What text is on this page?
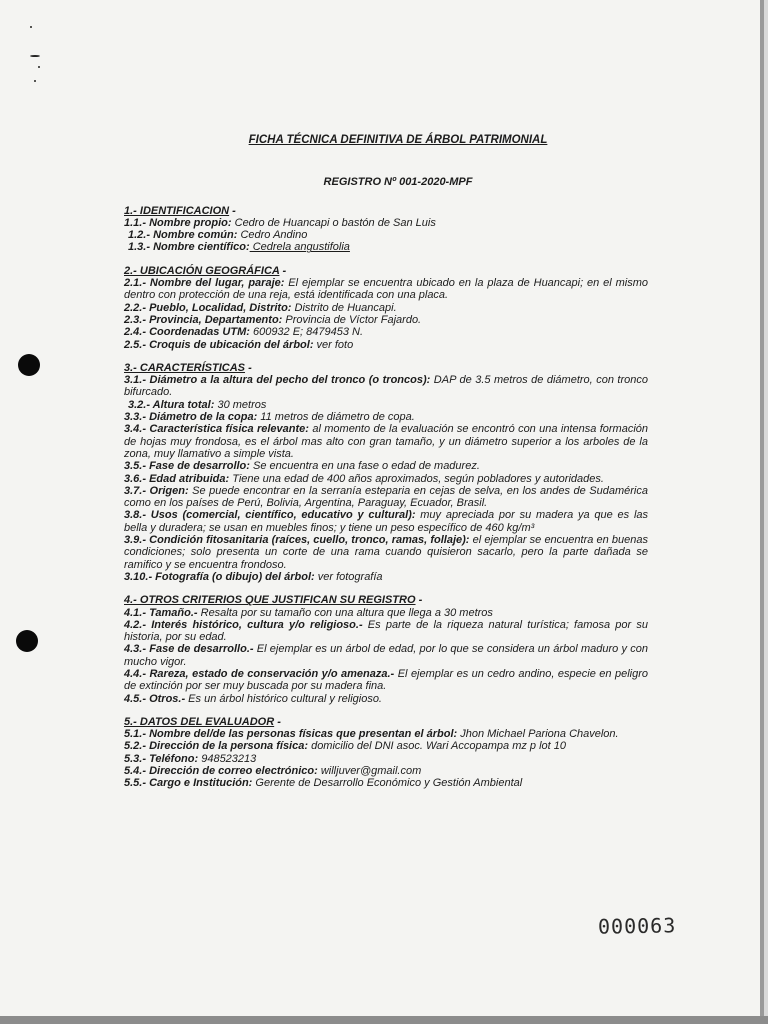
FICHA TÉCNICA DEFINITIVA DE ÁRBOL PATRIMONIAL
REGISTRO Nº 001-2020-MPF
1.- IDENTIFICACION -
1.1.- Nombre propio: Cedro de Huancapi o bastón de San Luis
1.2.- Nombre común: Cedro Andino
1.3.- Nombre científico: Cedrela angustifolia
2.- UBICACIÓN GEOGRÁFICA -
2.1.- Nombre del lugar, paraje: El ejemplar se encuentra ubicado en la plaza de Huancapi; en el mismo dentro con protección de una reja, está identificada con una placa.
2.2.- Pueblo, Localidad, Distrito: Distrito de Huancapi.
2.3.- Provincia, Departamento: Provincia de Víctor Fajardo.
2.4.- Coordenadas UTM: 600932 E; 8479453 N.
2.5.- Croquis de ubicación del árbol: ver foto
3.- CARACTERÍSTICAS -
3.1.- Diámetro a la altura del pecho del tronco (o troncos): DAP de 3.5 metros de diámetro, con tronco bifurcado.
3.2.- Altura total: 30 metros
3.3.- Diámetro de la copa: 11 metros de diámetro de copa.
3.4.- Característica física relevante: al momento de la evaluación se encontró con una intensa formación de hojas muy frondosa, es el árbol mas alto con gran tamaño, y un diámetro superior a los arboles de la zona, muy llamativo a simple vista.
3.5.- Fase de desarrollo: Se encuentra en una fase o edad de madurez.
3.6.- Edad atribuida: Tiene una edad de 400 años aproximados, según pobladores y autoridades.
3.7.- Origen: Se puede encontrar en la serranía esteparia en cejas de selva, en los andes de Sudamérica como en los países de Perú, Bolivia, Argentina, Paraguay, Ecuador, Brasil.
3.8.- Usos (comercial, científico, educativo y cultural): muy apreciada por su madera ya que es las bella y duradera; se usan en muebles finos; y tiene un peso específico de 460 kg/m³
3.9.- Condición fitosanitaria (raíces, cuello, tronco, ramas, follaje): el ejemplar se encuentra en buenas condiciones; solo presenta un corte de una rama cuando quisieron sacarlo, pero la parte dañada se ramifico y se encuentra frondoso.
3.10.- Fotografía (o dibujo) del árbol: ver fotografía
4.- OTROS CRITERIOS QUE JUSTIFICAN SU REGISTRO -
4.1.- Tamaño.- Resalta por su tamaño con una altura que llega a 30 metros
4.2.- Interés histórico, cultura y/o religioso.- Es parte de la riqueza natural turística; famosa por su historia, por su edad.
4.3.- Fase de desarrollo.- El ejemplar es un árbol de edad, por lo que se considera un árbol maduro y con mucho vigor.
4.4.- Rareza, estado de conservación y/o amenaza.- El ejemplar es un cedro andino, especie en peligro de extinción por ser muy buscada por su madera fina.
4.5.- Otros.- Es un árbol histórico cultural y religioso.
5.- DATOS DEL EVALUADOR -
5.1.- Nombre del/de las personas físicas que presentan el árbol: Jhon Michael Pariona Chavelon.
5.2.- Dirección de la persona física: domicilio del DNI asoc. Wari Accopampa mz p lot 10
5.3.- Teléfono: 948523213
5.4.- Dirección de correo electrónico: willjuver@gmail.com
5.5.- Cargo e Institución: Gerente de Desarrollo Económico y Gestión Ambiental
000063
